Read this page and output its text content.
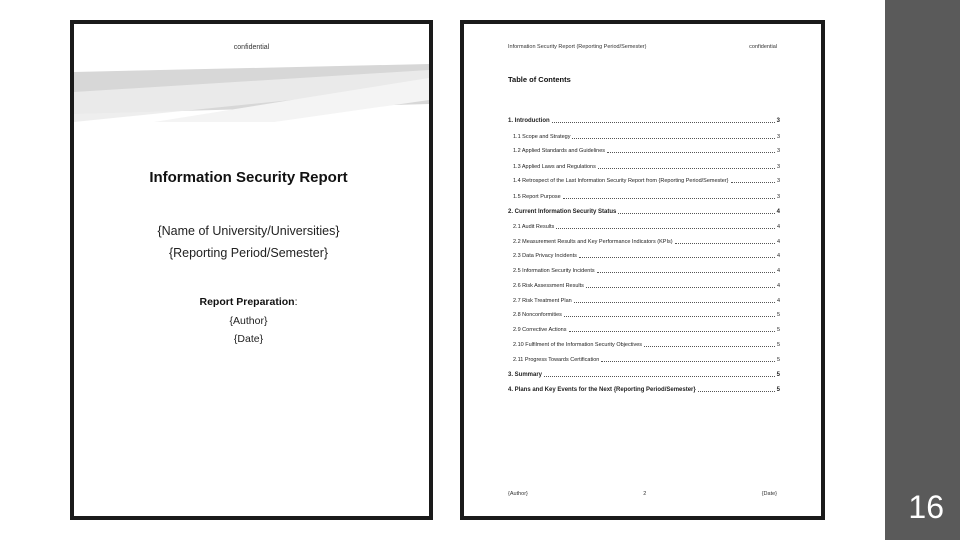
confidential
Information Security Report
{Name of University/Universities}
{Reporting Period/Semester}
Report Preparation:
{Author}
{Date}
Information Security Report (Reporting Period/Semester)	confidential
Table of Contents
1. Introduction	3
1.1 Scope and Strategy	3
1.2 Applied Standards and Guidelines	3
1.3 Applied Laws and Regulations	3
1.4 Retrospect of the Last Information Security Report from {Reporting Period/Semester}	3
1.5 Report Purpose	3
2. Current Information Security Status	4
2.1 Audit Results	4
2.2 Measurement Results and Key Performance Indicators (KPIs)	4
2.3 Data Privacy Incidents	4
2.5 Information Security Incidents	4
2.6 Risk Assessment Results	4
2.7 Risk Treatment Plan	4
2.8 Nonconformities	5
2.9 Corrective Actions	5
2.10 Fulfilment of the Information Security Objectives	5
2.11 Progress Towards Certification	5
3. Summary	5
4. Plans and Key Events for the Next {Reporting Period/Semester}	5
{Author}	2	{Date}	16
